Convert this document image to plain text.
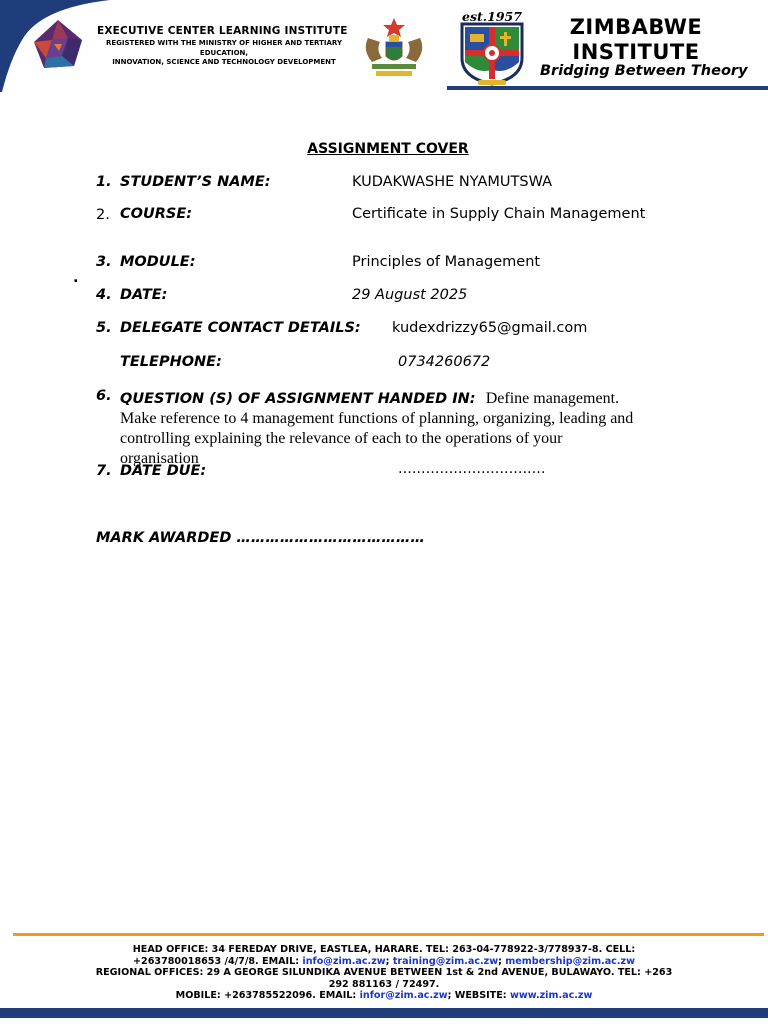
EXECUTIVE CENTER LEARNING INSTITUTE
REGISTERED WITH THE MINISTRY OF HIGHER AND TERTIARY EDUCATION,
INNOVATION, SCIENCE AND TECHNOLOGY DEVELOPMENT
est.1957	ZIMBABWE
INSTITUTE
Bridging Between Theory
ASSIGNMENT COVER
1. STUDENT’S NAME:	KUDAKWASHE NYAMUTSWA
2. COURSE:	Certificate in Supply Chain Management
3. MODULE:	Principles of Management
.
4. DATE:	29 August 2025
5. DELEGATE CONTACT DETAILS: kudexdrizzy65@gmail.com
TELEPHONE:	0734260672
6. QUESTION (S) OF ASSIGNMENT HANDED IN: Define management.
Make reference to 4 management functions of planning, organizing, leading and
controlling explaining the relevance of each to the operations of your
organisation
7. DATE DUE:	................................
MARK AWARDED …………………………………
HEAD OFFICE: 34 FEREDAY DRIVE, EASTLEA, HARARE. TEL: 263-04-778922-3/778937-8. CELL:
+263780018653 /4/7/8. EMAIL: info@zim.ac.zw; training@zim.ac.zw; membership@zim.ac.zw
REGIONAL OFFICES: 29 A GEORGE SILUNDIKA AVENUE BETWEEN 1st & 2nd AVENUE, BULAWAYO. TEL: +263
292 881163 / 72497.
MOBILE: +263785522096. EMAIL: infor@zim.ac.zw; WEBSITE: www.zim.ac.zw
